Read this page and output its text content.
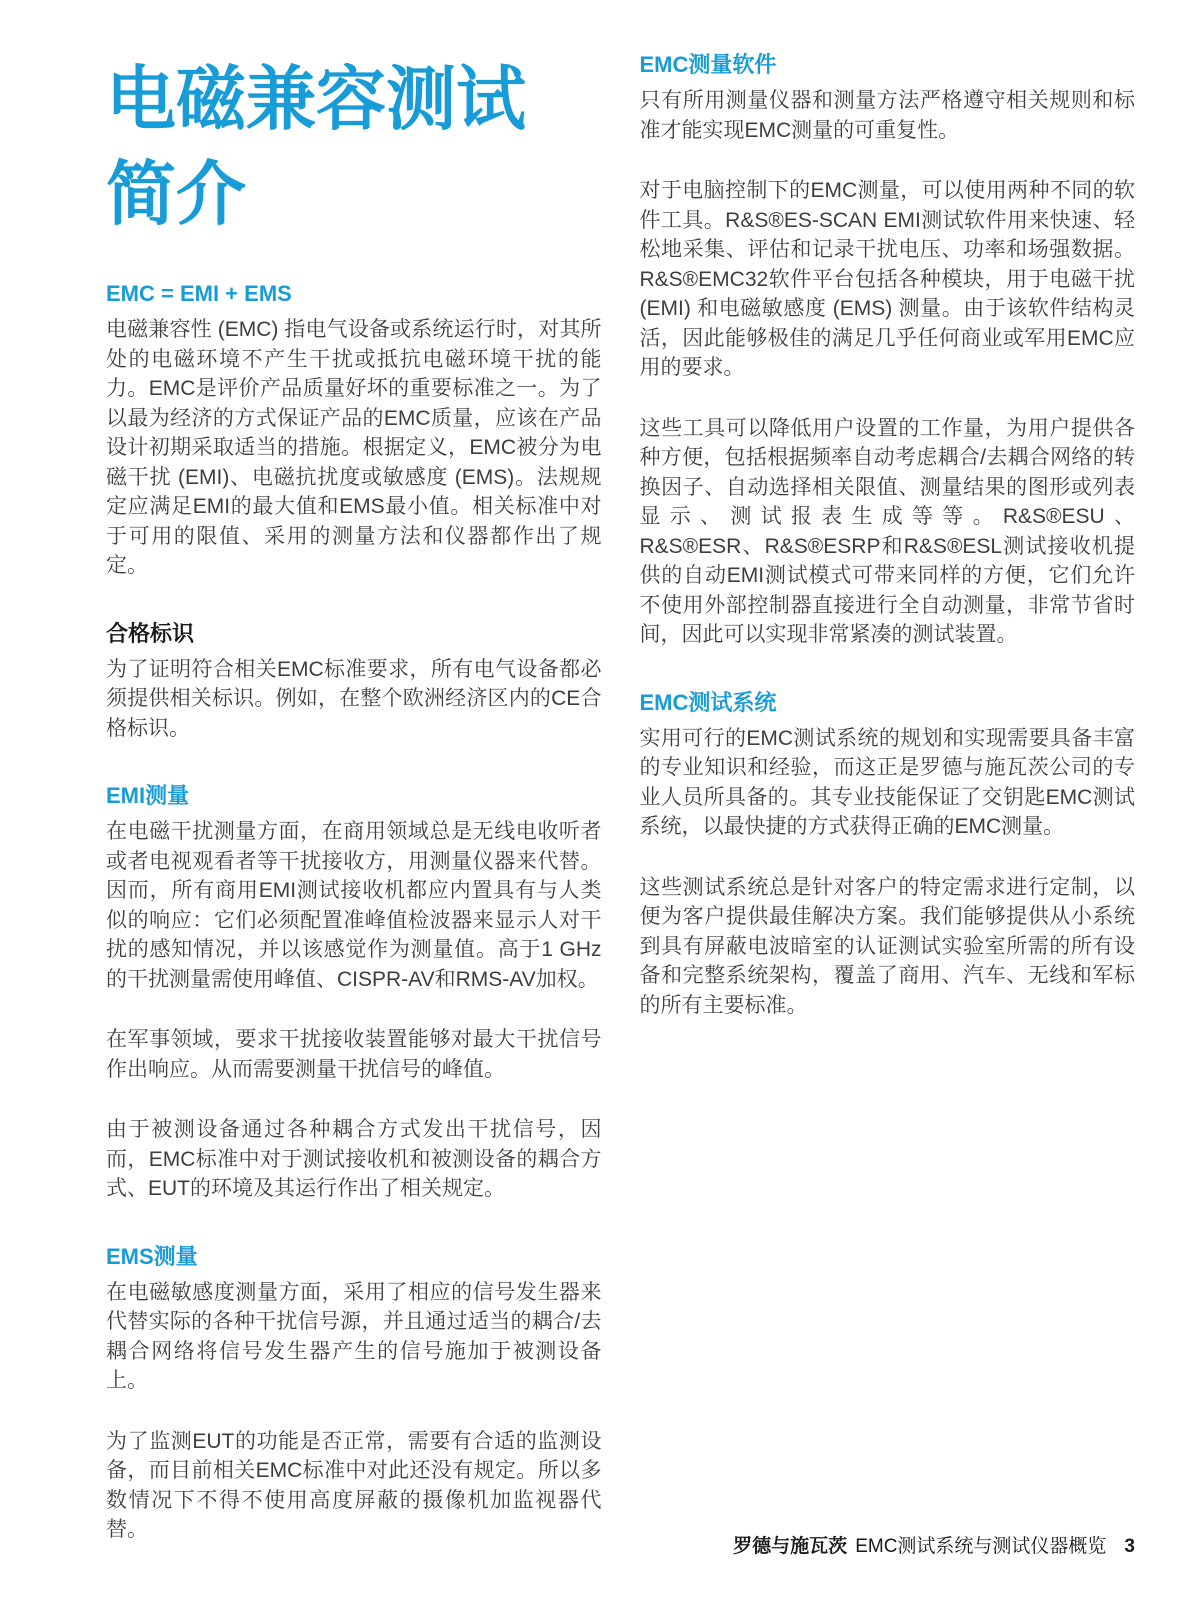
电磁兼容测试
简介
EMC = EMI + EMS

电磁兼容性 (EMC) 指电气设备或系统运行时，对其所处的电磁环境不产生干扰或抵抗电磁环境干扰的能力。EMC是评价产品质量好坏的重要标准之一。为了以最为经济的方式保证产品的EMC质量，应该在产品设计初期采取适当的措施。根据定义，EMC被分为电磁干扰 (EMI)、电磁抗扰度或敏感度 (EMS)。法规规定应满足EMI的最大值和EMS最小值。相关标准中对于可用的限值、采用的测量方法和仪器都作出了规定。

合格标识

为了证明符合相关EMC标准要求，所有电气设备都必须提供相关标识。例如，在整个欧洲经济区内的CE合格标识。

EMI测量

在电磁干扰测量方面，在商用领域总是无线电收听者或者电视观看者等干扰接收方，用测量仪器来代替。因而，所有商用EMI测试接收机都应内置具有与人类似的响应：它们必须配置准峰值检波器来显示人对干扰的感知情况，并以该感觉作为测量值。高于1 GHz的干扰测量需使用峰值、CISPR-AV和RMS-AV加权。

在军事领域，要求干扰接收装置能够对最大干扰信号作出响应。从而需要测量干扰信号的峰值。

由于被测设备通过各种耦合方式发出干扰信号，因而，EMC标准中对于测试接收机和被测设备的耦合方式、EUT的环境及其运行作出了相关规定。

EMS测量

在电磁敏感度测量方面，采用了相应的信号发生器来代替实际的各种干扰信号源，并且通过适当的耦合/去耦合网络将信号发生器产生的信号施加于被测设备上。

为了监测EUT的功能是否正常，需要有合适的监测设备，而目前相关EMC标准中对此还没有规定。所以多数情况下不得不使用高度屏蔽的摄像机加监视器代替。

EMC测量软件

只有所用测量仪器和测量方法严格遵守相关规则和标准才能实现EMC测量的可重复性。

对于电脑控制下的EMC测量，可以使用两种不同的软件工具。R&S®ES-SCAN EMI测试软件用来快速、轻松地采集、评估和记录干扰电压、功率和场强数据。R&S®EMC32软件平台包括各种模块，用于电磁干扰 (EMI) 和电磁敏感度 (EMS) 测量。由于该软件结构灵活，因此能够极佳的满足几乎任何商业或军用EMC应用的要求。

这些工具可以降低用户设置的工作量，为用户提供各种方便，包括根据频率自动考虑耦合/去耦合网络的转换因子、自动选择相关限值、测量结果的图形或列表显示、测试报表生成等等。R&S®ESU、R&S®ESR、R&S®ESRP和R&S®ESL测试接收机提供的自动EMI测试模式可带来同样的方便，它们允许不使用外部控制器直接进行全自动测量，非常节省时间，因此可以实现非常紧凑的测试装置。

EMC测试系统

实用可行的EMC测试系统的规划和实现需要具备丰富的专业知识和经验，而这正是罗德与施瓦茨公司的专业人员所具备的。其专业技能保证了交钥匙EMC测试系统，以最快捷的方式获得正确的EMC测量。

这些测试系统总是针对客户的特定需求进行定制，以便为客户提供最佳解决方案。我们能够提供从小系统到具有屏蔽电波暗室的认证测试实验室所需的所有设备和完整系统架构，覆盖了商用、汽车、无线和军标的所有主要标准。

罗德与施瓦茨 EMC测试系统与测试仪器概览 3
